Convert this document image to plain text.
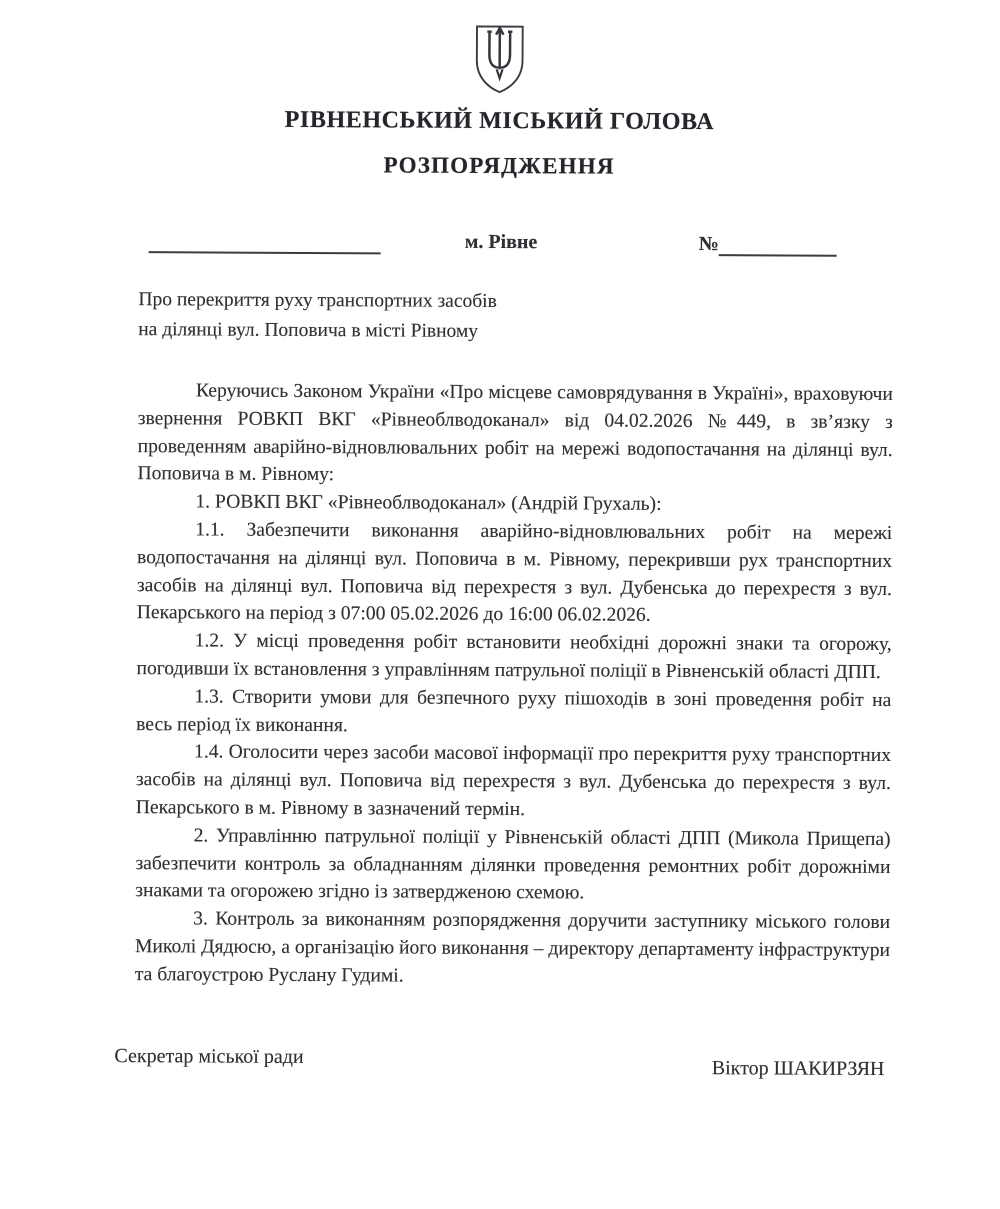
РІВНЕНСЬКИЙ МІСЬКИЙ ГОЛОВА
РОЗПОРЯДЖЕННЯ
м. Рівне	№
Про перекриття руху транспортних засобів
на ділянці вул. Поповича в місті Рівному

Керуючись Законом України «Про місцеве самоврядування в Україні», враховуючи звернення РОВКП ВКГ «Рівнеоблводоканал» від 04.02.2026 №449, в зв’язку з проведенням аварійно-відновлювальних робіт на мережі водопостачання на ділянці вул. Поповича в м. Рівному:

1. РОВКП ВКГ «Рівнеоблводоканал» (Андрій Грухаль):

1.1. Забезпечити виконання аварійно-відновлювальних робіт на мережі водопостачання на ділянці вул. Поповича в м. Рівному, перекривши рух транспортних засобів на ділянці вул. Поповича від перехрестя з вул. Дубенська до перехрестя з вул. Пекарського на період з 07:00 05.02.2026 до 16:00 06.02.2026.

1.2. У місці проведення робіт встановити необхідні дорожні знаки та огорожу, погодивши їх встановлення з управлінням патрульної поліції в Рівненській області ДПП.

1.3. Створити умови для безпечного руху пішоходів в зоні проведення робіт на весь період їх виконання.

1.4. Оголосити через засоби масової інформації про перекриття руху транспортних засобів на ділянці вул. Поповича від перехрестя з вул. Дубенська до перехрестя з вул. Пекарського в м. Рівному в зазначений термін.

2. Управлінню патрульної поліції у Рівненській області ДПП (Микола Прищепа) забезпечити контроль за обладнанням ділянки проведення ремонтних робіт дорожніми знаками та огорожею згідно із затвердженою схемою.

3. Контроль за виконанням розпорядження доручити заступнику міського голови Миколі Дядюсю, а організацію його виконання – директору департаменту інфраструктури та благоустрою Руслану Гудимі.

Секретар міської ради
Віктор ШАКИРЗЯН
